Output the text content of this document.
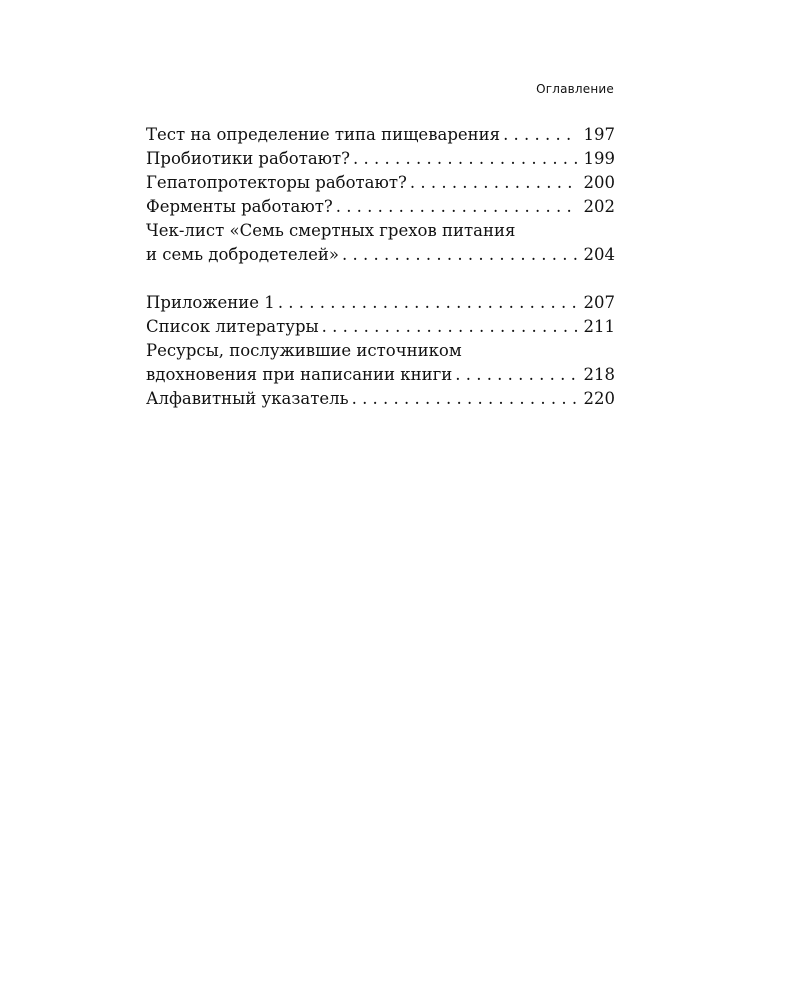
Оглавление
Тест на определение типа пищеварения . . .	197
Пробиотики работают? . . .	199
Гепатопротекторы работают? . . .	200
Ферменты работают? . . .	202
Чек-лист «Семь смертных грехов питания
и семь добродетелей» . . .	204
Приложение 1 . . .	207
Список литературы . . .	211
Ресурсы, послужившие источником
вдохновения при написании книги . . .	218
Алфавитный указатель . . .	220
